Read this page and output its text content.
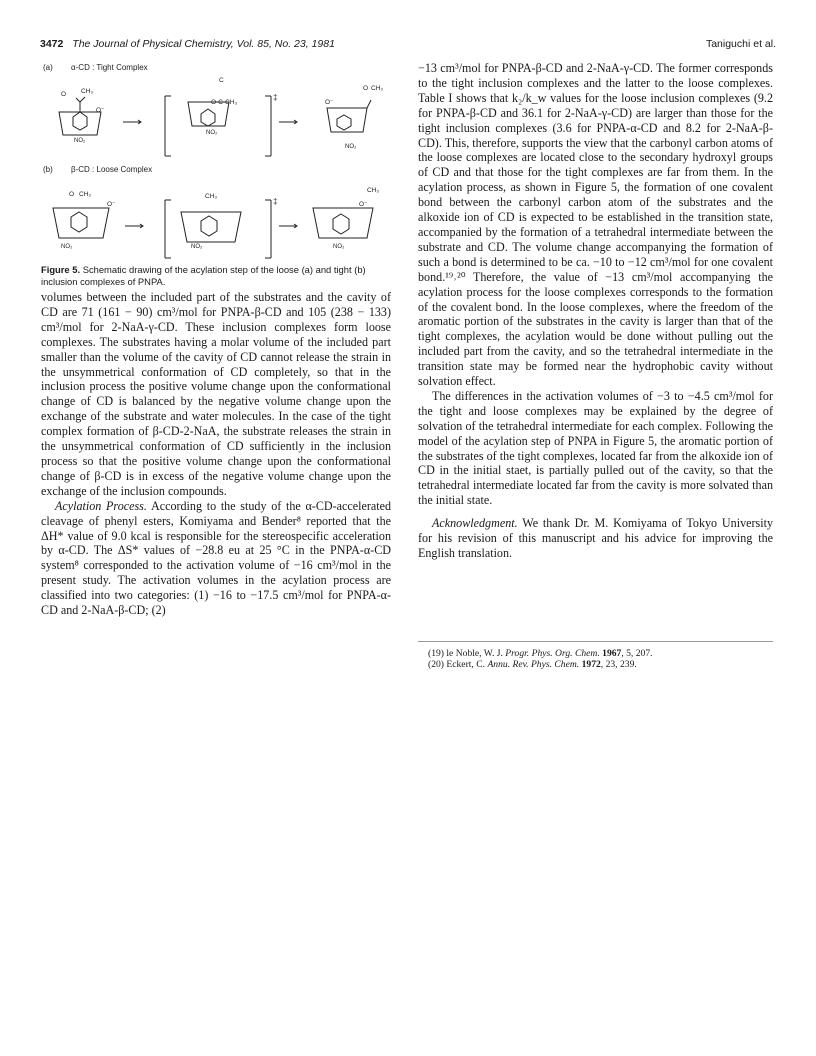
3472 The Journal of Physical Chemistry, Vol. 85, No. 23, 1981	Taniguchi et al.
(a) α-CD : Tight Complex
O CH₃
O⁻
NO₂
C
O-C-CH₃
NO₂
‡
O CH₃
O⁻
NO₂
(b) β-CD : Loose Complex
O CH₃
O⁻
NO₂
CH₃
NO₂
‡
CH₃
O⁻
NO₂
Figure 5. Schematic drawing of the acylation step of the loose (a) and tight (b) inclusion complexes of PNPA.

volumes between the included part of the substrates and the cavity of CD are 71 (161 − 90) cm³/mol for PNPA-β-CD and 105 (238 − 133) cm³/mol for 2-NaA-γ-CD. These inclusion complexes form loose complexes. The substrates having a molar volume of the included part smaller than the volume of the cavity of CD cannot release the strain in the unsymmetrical conformation of CD completely, so that in the inclusion process the positive volume change upon the conformational change of CD is balanced by the negative volume change upon the exchange of the substrate and water molecules. In the case of the tight complex formation of β-CD-2-NaA, the substrate releases the strain in the unsymmetrical conformation of CD sufficiently in the inclusion process so that the positive volume change upon the conformational change of β-CD is in excess of the negative volume change upon the exchange of the inclusion compounds.

Acylation Process. According to the study of the α-CD-accelerated cleavage of phenyl esters, Komiyama and Bender⁸ reported that the ΔH* value of 9.0 kcal is responsible for the stereospecific acceleration by α-CD. The ΔS* values of −28.8 eu at 25 °C in the PNPA-α-CD system⁸ corresponded to the activation volume of −16 cm³/mol in the present study. The activation volumes in the acylation process are classified into two categories: (1) −16 to −17.5 cm³/mol for PNPA-α-CD and 2-NaA-β-CD; (2)

−13 cm³/mol for PNPA-β-CD and 2-NaA-γ-CD. The former corresponds to the tight inclusion complexes and the latter to the loose complexes. Table I shows that k₂/k_w values for the loose inclusion complexes (9.2 for PNPA-β-CD and 36.1 for 2-NaA-γ-CD) are larger than those for the tight inclusion complexes (3.6 for PNPA-α-CD and 8.2 for 2-NaA-β-CD). This, therefore, supports the view that the carbonyl carbon atoms of the loose complexes are located close to the secondary hydroxyl groups of CD and that those for the tight complexes are far from them. In the acylation process, as shown in Figure 5, the formation of one covalent bond between the carbonyl carbon atom of the substrates and the alkoxide ion of CD is expected to be established in the transition state, accompanied by the formation of a tetrahedral intermediate between the substrate and CD. The volume change accompanying the formation of such a bond is determined to be ca. −10 to −12 cm³/mol for one covalent bond.¹⁹˒²⁰ Therefore, the value of −13 cm³/mol accompanying the acylation process for the loose complexes corresponds to the formation of the covalent bond. In the loose complexes, where the freedom of the aromatic portion of the substrates in the cavity is larger than that of the tight complexes, the acylation would be done without pulling out the included part from the cavity, and so the tetrahedral intermediate in the transition state may be formed near the hydrophobic cavity without solvation effect.

The differences in the activation volumes of −3 to −4.5 cm³/mol for the tight and loose complexes may be explained by the degree of solvation of the tetrahedral intermediate for each complex. Following the model of the acylation step of PNPA in Figure 5, the aromatic portion of the substrates of the tight complexes, located far from the alkoxide ion of CD in the initial staet, is partially pulled out of the cavity, so that the tetrahedral intermediate located far from the cavity is more solvated than the initial state.

Acknowledgment. We thank Dr. M. Komiyama of Tokyo University for his revision of this manuscript and his advice for improving the English translation.

(19) le Noble, W. J. Progr. Phys. Org. Chem. 1967, 5, 207.
(20) Eckert, C. Annu. Rev. Phys. Chem. 1972, 23, 239.
